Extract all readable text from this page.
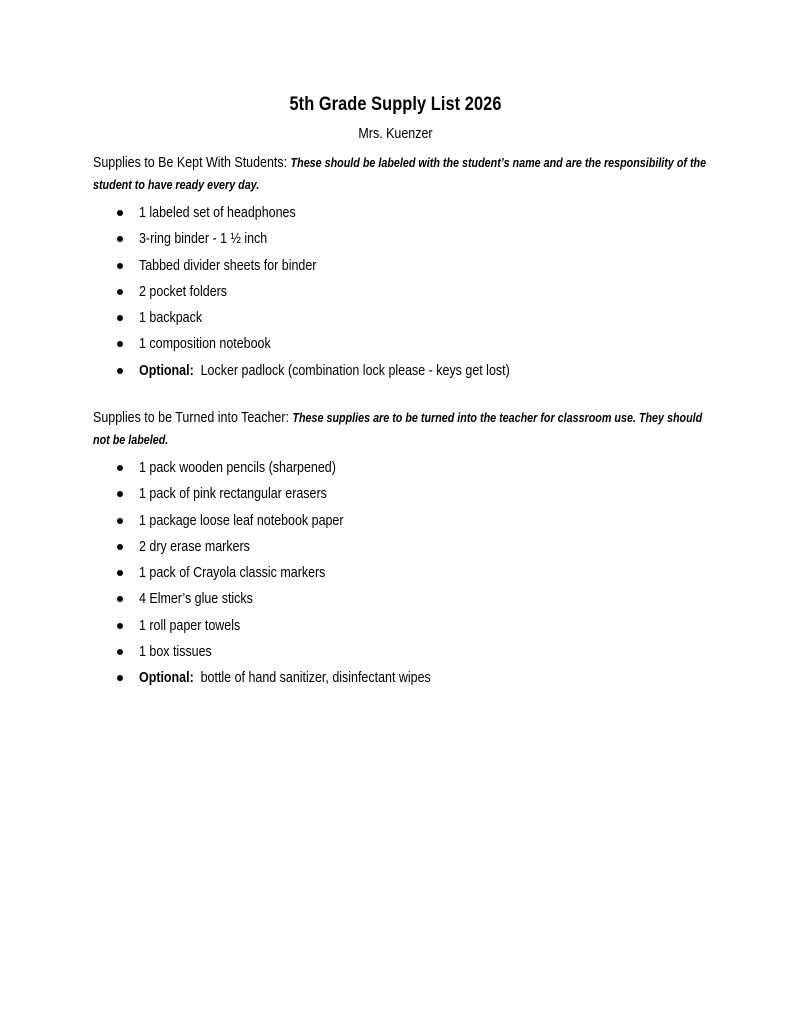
5th Grade Supply List 2026
Mrs. Kuenzer

Supplies to Be Kept With Students: These should be labeled with the student’s name and are the responsibility of the student to have ready every day.

1 labeled set of headphones
3-ring binder - 1 ½ inch
Tabbed divider sheets for binder
2 pocket folders
1 backpack
1 composition notebook
Optional: Locker padlock (combination lock please - keys get lost)

Supplies to be Turned into Teacher: These supplies are to be turned into the teacher for classroom use. They should not be labeled.

1 pack wooden pencils (sharpened)
1 pack of pink rectangular erasers
1 package loose leaf notebook paper
2 dry erase markers
1 pack of Crayola classic markers
4 Elmer’s glue sticks
1 roll paper towels
1 box tissues
Optional: bottle of hand sanitizer, disinfectant wipes
